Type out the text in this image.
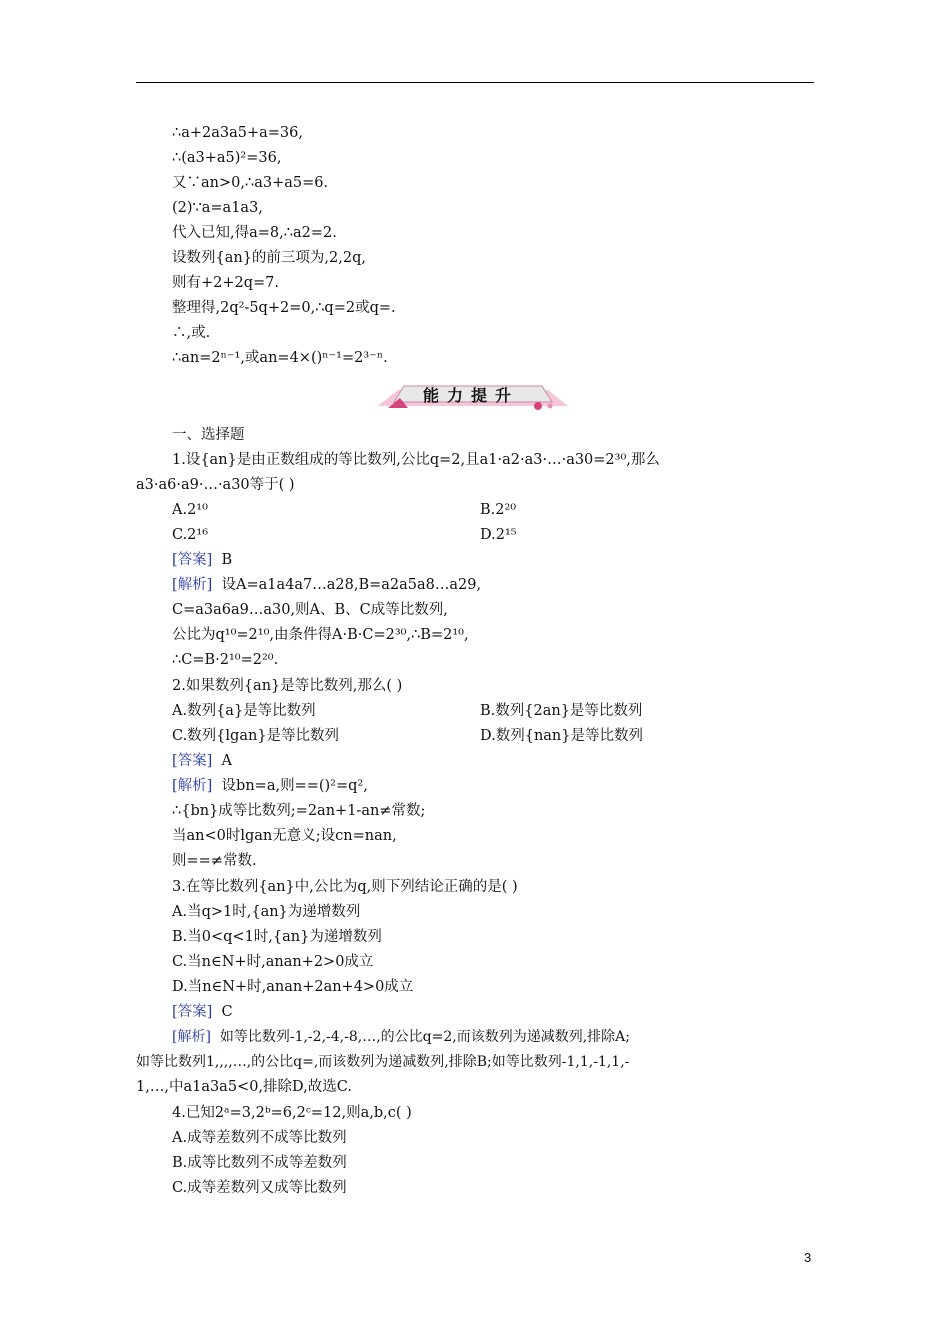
∴a+2a3a5+a=36,
∴(a3+a5)²=36,
又∵an>0,∴a3+a5=6.
(2)∵a=a1a3,
代入已知,得a=8,∴a2=2.
设数列{an}的前三项为,2,2q,
则有+2+2q=7.
整理得,2q²-5q+2=0,∴q=2或q=.
∴,或.
∴an=2ⁿ⁻¹,或an=4×()ⁿ⁻¹=2³⁻ⁿ.
能力提升
一、选择题
1.设{an}是由正数组成的等比数列,公比q=2,且a1·a2·a3·…·a30=2³⁰,那么
a3·a6·a9·…·a30等于( )
A.2¹⁰	B.2²⁰
C.2¹⁶	D.2¹⁵
[答案] B
[解析] 设A=a1a4a7…a28,B=a2a5a8…a29,
C=a3a6a9…a30,则A、B、C成等比数列,
公比为q¹⁰=2¹⁰,由条件得A·B·C=2³⁰,∴B=2¹⁰,
∴C=B·2¹⁰=2²⁰.
2.如果数列{an}是等比数列,那么( )
A.数列{a}是等比数列	B.数列{2an}是等比数列
C.数列{lgan}是等比数列	D.数列{nan}是等比数列
[答案] A
[解析] 设bn=a,则==()²=q²,
∴{bn}成等比数列;=2an+1-an≠常数;
当an<0时lgan无意义;设cn=nan,
则==≠常数.
3.在等比数列{an}中,公比为q,则下列结论正确的是( )
A.当q>1时,{an}为递增数列
B.当0<q<1时,{an}为递增数列
C.当n∈N+时,anan+2>0成立
D.当n∈N+时,anan+2an+4>0成立
[答案] C
[解析] 如等比数列-1,-2,-4,-8,…,的公比q=2,而该数列为递减数列,排除A;
如等比数列1,,,,…,的公比q=,而该数列为递减数列,排除B;如等比数列-1,1,-1,1,-
1,…,中a1a3a5<0,排除D,故选C.
4.已知2ᵃ=3,2ᵇ=6,2ᶜ=12,则a,b,c( )
A.成等差数列不成等比数列
B.成等比数列不成等差数列
C.成等差数列又成等比数列
3
